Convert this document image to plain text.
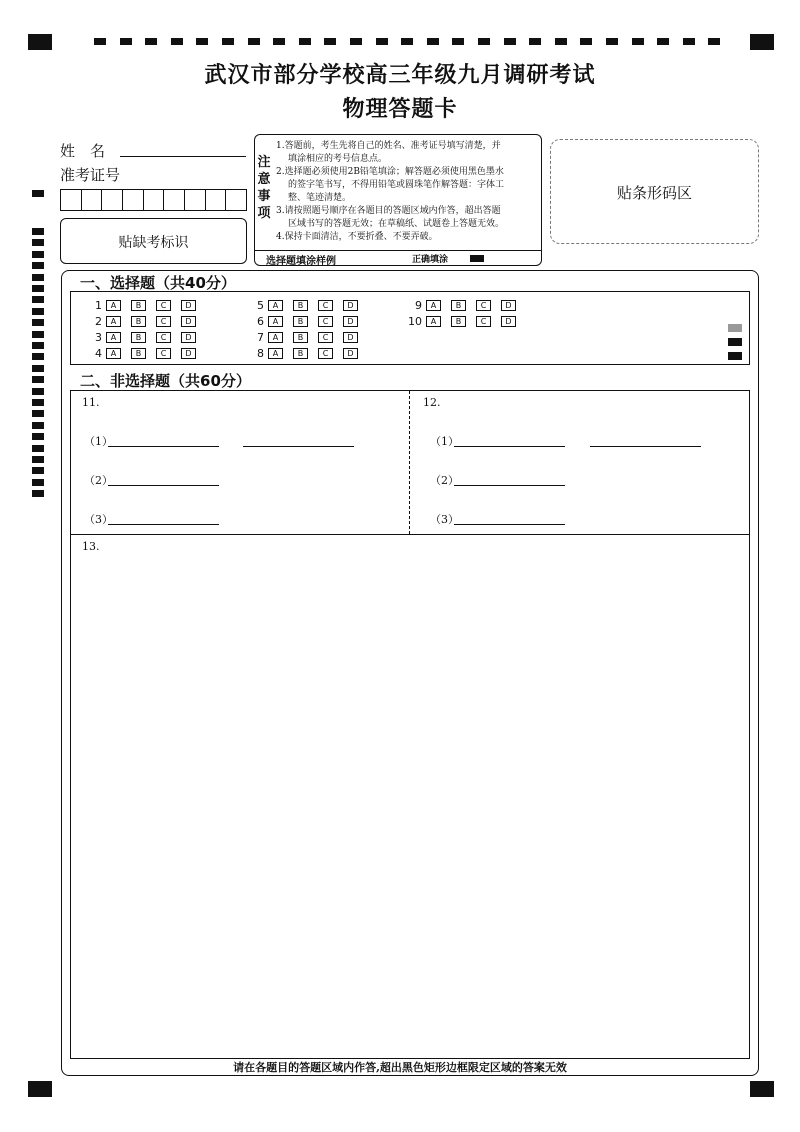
武汉市部分学校高三年级九月调研考试
物理答题卡
姓　名
准考证号
贴缺考标识
注
意
事
项
1.答题前，考生先将自己的姓名、准考证号填写清楚，并
填涂相应的考号信息点。
2.选择题必须使用2B铅笔填涂；解答题必须使用黑色墨水
的签字笔书写，不得用铅笔或圆珠笔作解答题：字体工
整、笔迹清楚。
3.请按照题号顺序在各题目的答题区域内作答，超出答题
区域书写的答题无效；在草稿纸、试题卷上答题无效。
4.保持卡面清洁，不要折叠、不要弄破。
选择题填涂样例	正确填涂
贴条形码区
一、选择题（共40分）
1	A	B	C	D
2	A	B	C	D
3	A	B	C	D
4	A	B	C	D
5	A	B	C	D
6	A	B	C	D
7	A	B	C	D
8	A	B	C	D
9	A	B	C	D
10	A	B	C	D
二、非选择题（共60分）
11.
（1）
（2）
（3）
12.
（1）
（2）
（3）
13.
请在各题目的答题区域内作答,超出黑色矩形边框限定区域的答案无效
